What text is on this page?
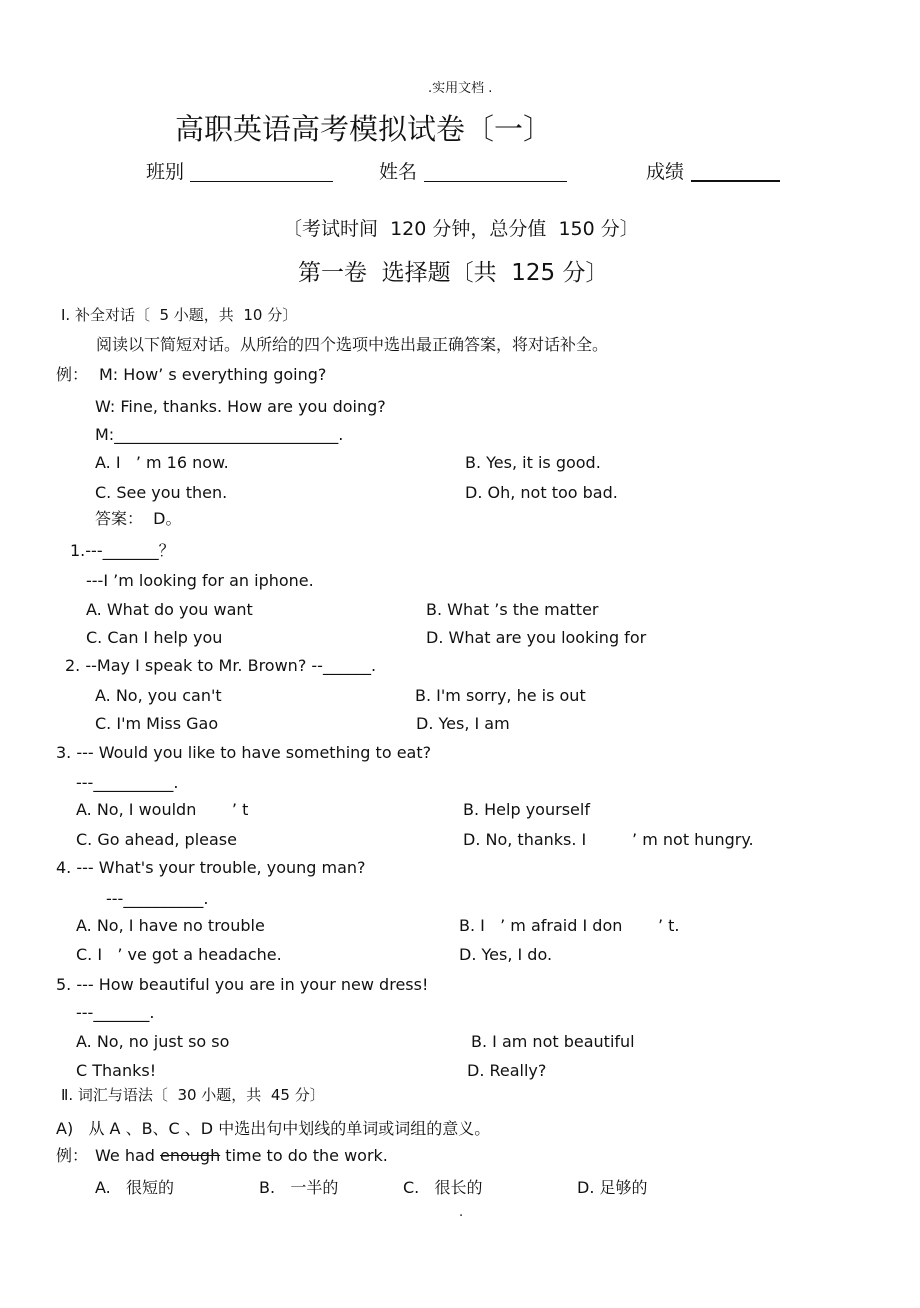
.实用文档 .
高职英语高考模拟试卷〔一〕
班别	姓名	成绩
〔考试时间  120 分钟，总分值  150 分〕
第一卷  选择题〔共  125 分〕
Ⅰ. 补全对话〔  5 小题，共  10 分〕
阅读以下简短对话。从所给的四个选项中选出最正确答案，将对话补全。
例： M: How’ s everything going?
W: Fine, thanks. How are you doing?
M:____________________________.
A. I   ’ m 16 now.	B. Yes, it is good.
C. See you then.	D. Oh, not too bad.
答案：  D。
1.---_______？
---I ’m looking for an iphone.
A. What do you want	B. What ’s the matter
C. Can I help you	D. What are you looking for
2. --May I speak to Mr. Brown? --______.
A. No, you can't	B. I'm sorry, he is out
C. I'm Miss Gao	D. Yes, I am
3. --- Would you like to have something to eat?
---__________.
A. No, I wouldn       ’ t	B. Help yourself
C. Go ahead, please	D. No, thanks. I         ’ m not hungry.
4. --- What's your trouble, young man?
---__________.
A. No, I have no trouble	B. I   ’ m afraid I don       ’ t.
C. I   ’ ve got a headache.	D. Yes, I do.
5. --- How beautiful you are in your new dress!
---_______.
A. No, no just so so	B. I am not beautiful
C Thanks!	D. Really?
Ⅱ. 词汇与语法〔  30 小题，共  45 分〕
A)   从 A 、B、C 、D 中选出句中划线的单词或词组的意义。
例： We had enough time to do the work.
A.   很短的	B.   一半的	C.   很长的	D. 足够的
.
